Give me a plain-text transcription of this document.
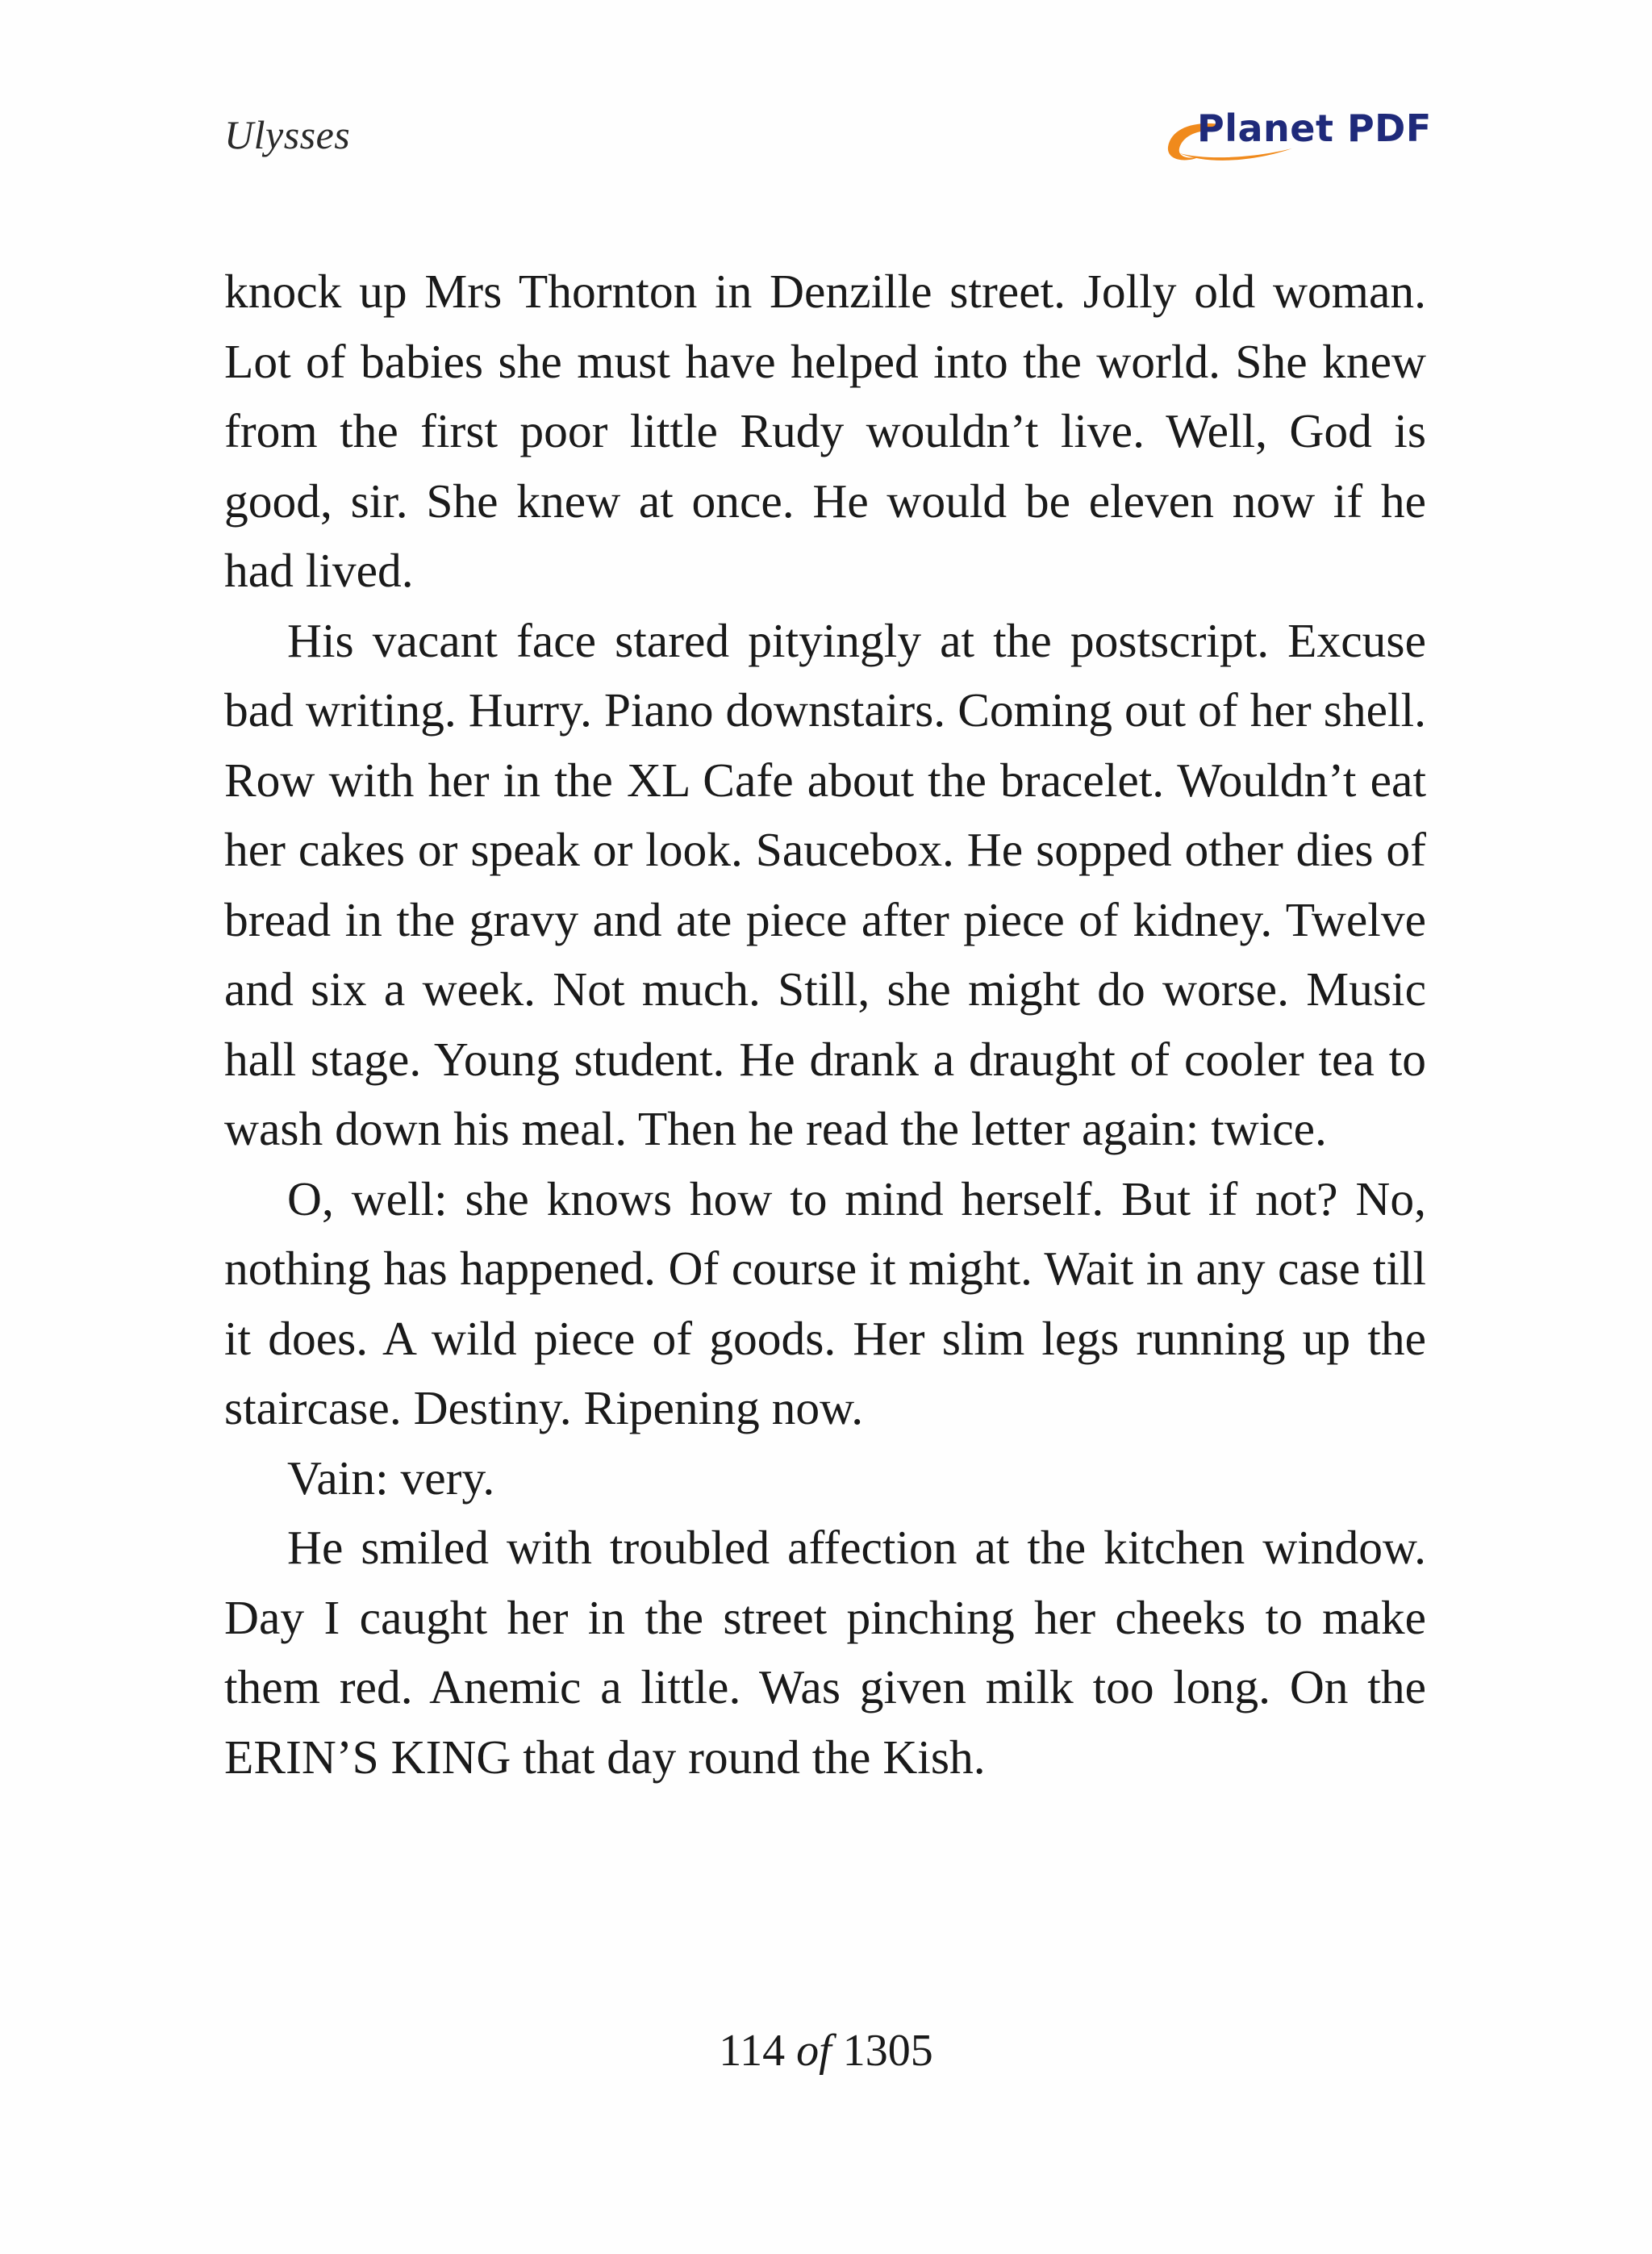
Ulysses	Planet PDF

knock up Mrs Thornton in Denzille street. Jolly old woman. Lot of babies she must have helped into the world. She knew from the first poor little Rudy wouldn’t live. Well, God is good, sir. She knew at once. He would be eleven now if he had lived.

His vacant face stared pityingly at the postscript. Excuse bad writing. Hurry. Piano downstairs. Coming out of her shell. Row with her in the XL Cafe about the bracelet. Wouldn’t eat her cakes or speak or look. Saucebox. He sopped other dies of bread in the gravy and ate piece after piece of kidney. Twelve and six a week. Not much. Still, she might do worse. Music hall stage. Young student. He drank a draught of cooler tea to wash down his meal. Then he read the letter again: twice.

O, well: she knows how to mind herself. But if not? No, nothing has happened. Of course it might. Wait in any case till it does. A wild piece of goods. Her slim legs running up the staircase. Destiny. Ripening now.

Vain: very.

He smiled with troubled affection at the kitchen window. Day I caught her in the street pinching her cheeks to make them red. Anemic a little. Was given milk too long. On the ERIN’S KING that day round the Kish.

114 of 1305
